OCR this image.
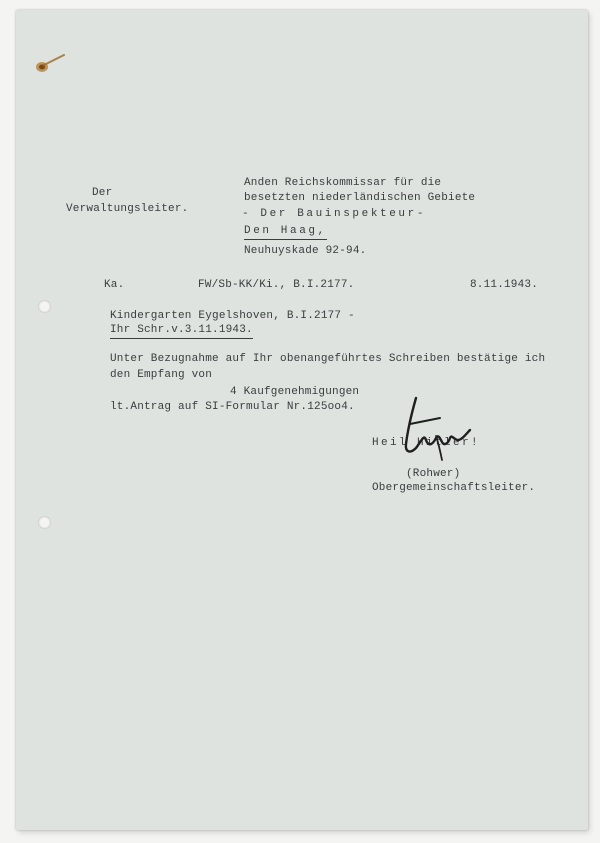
Der
Verwaltungsleiter.
Anden Reichskommissar für die
besetzten niederländischen Gebiete
- Der Bauinspekteur-
Den Haag,
Neuhuyskade 92-94.
Ka.	FW/Sb-KK/Ki., B.I.2177.	8.11.1943.
Kindergarten Eygelshoven, B.I.2177 -
Ihr Schr.v.3.11.1943.
Unter Bezugnahme auf Ihr obenangeführtes Schreiben bestätige ich
den Empfang von
4 Kaufgenehmigungen
lt.Antrag auf SI-Formular Nr.125oo4.
Heil Hitler!
(Rohwer)
Obergemeinschaftsleiter.
